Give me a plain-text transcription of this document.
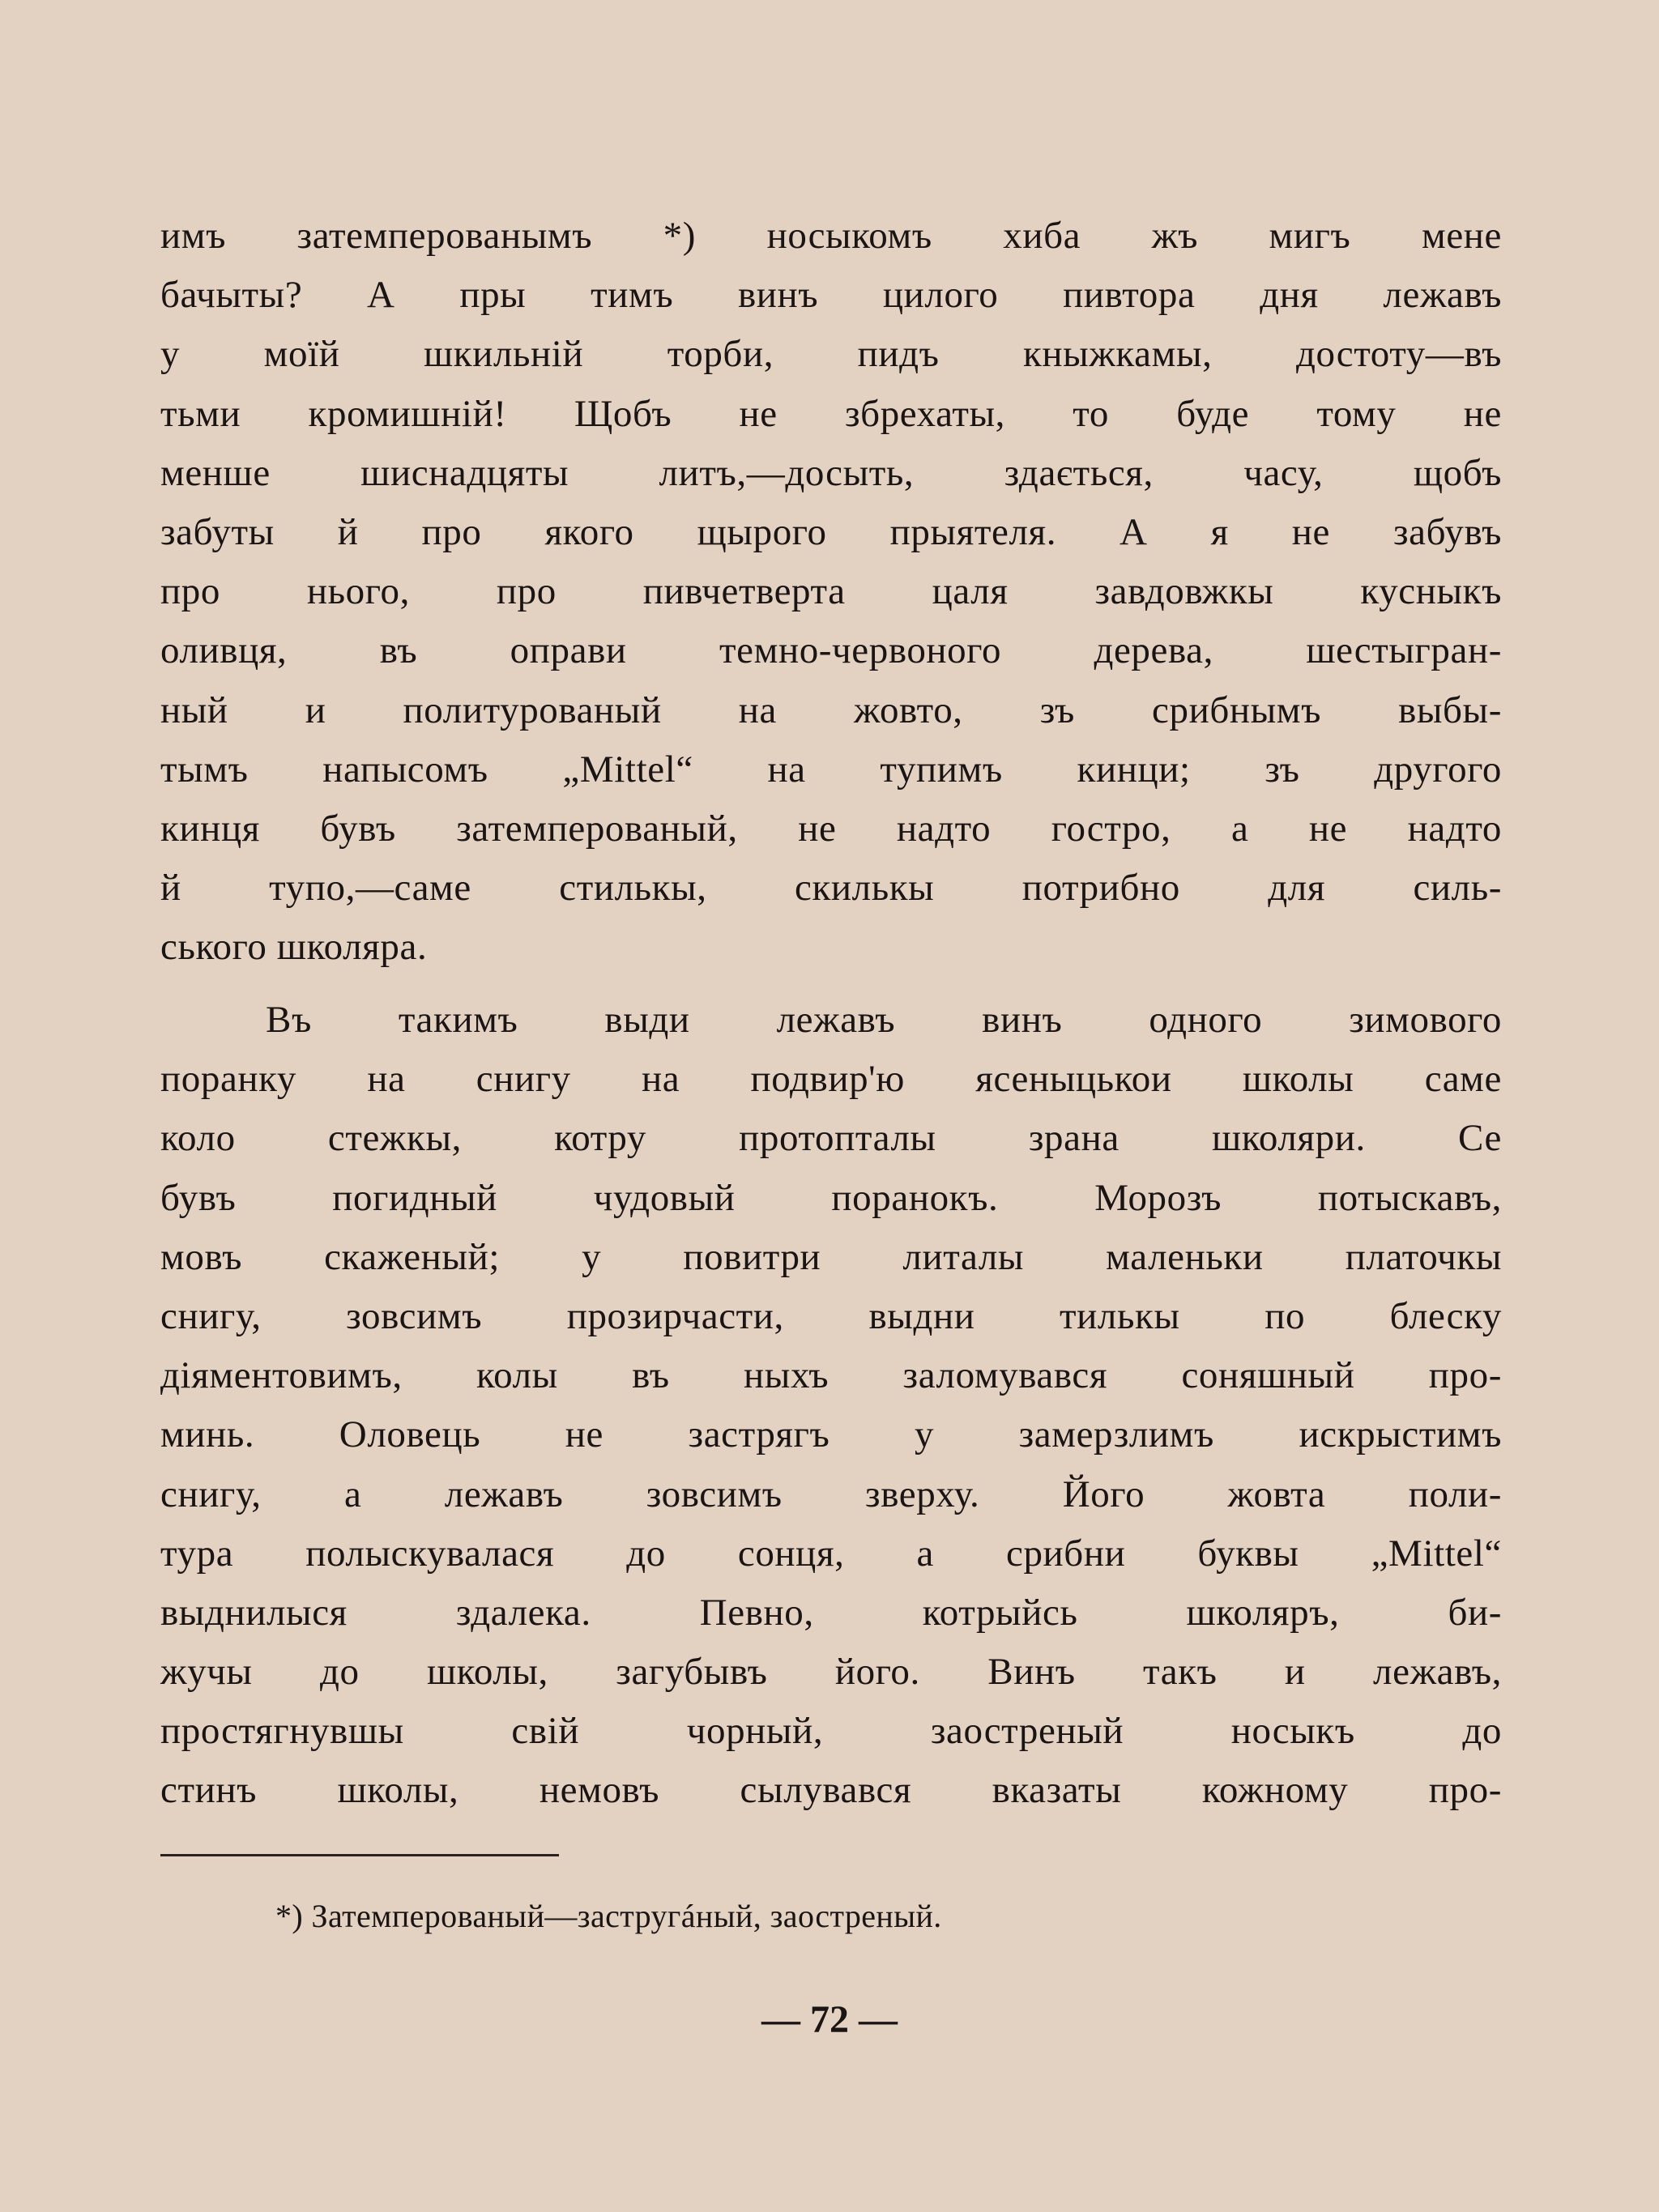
имъ затемперованымъ *) носыкомъ хиба жъ мигъ мене
бачыты? А пры тимъ винъ цилого пивтора дня лежавъ
у моїй шкильній торби, пидъ кныжкамы, достоту—въ
тьми кромишній! Щобъ не збрехаты, то буде тому не
менше шиснадцяты литъ,—досыть, здається, часу, щобъ
забуты й про якого щырого прыятеля. А я не забувъ
про нього, про пивчетверта цаля завдовжкы кусныкъ
оливця, въ оправи темно-червоного дерева, шестыгран-
ный и политурованый на жовто, зъ срибнымъ выбы-
тымъ напысомъ „Mittel“ на тупимъ кинци; зъ другого
кинця бувъ затемперованый, не надто гостро, а не надто
й тупо,—саме стилькы, скилькы потрибно для силь-
ського школяра.
Въ такимъ выди лежавъ винъ одного зимового
поранку на снигу на подвир'ю ясеныцькои школы саме
коло стежкы, котру протопталы зрана школяри. Се
бувъ погидный чудовый поранокъ. Морозъ потыскавъ,
мовъ скаженый; у повитри литалы маленьки платочкы
снигу, зовсимъ прозирчасти, выдни тилькы по блеску
діяментовимъ, колы въ ныхъ заломувався соняшный про-
минь. Оловець не застрягъ у замерзлимъ искрыстимъ
снигу, а лежавъ зовсимъ зверху. Його жовта поли-
тура полыскувалася до сонця, а срибни буквы „Mittel“
выднилыся здалека. Певно, котрыйсь школяръ, би-
жучы до школы, загубывъ його. Винъ такъ и лежавъ,
простягнувшы свій чорный, заостреный носыкъ до
стинъ школы, немовъ сылувався вказаты кожному про-
*) Затемперованый—застругáный, заостреный.
— 72 —
